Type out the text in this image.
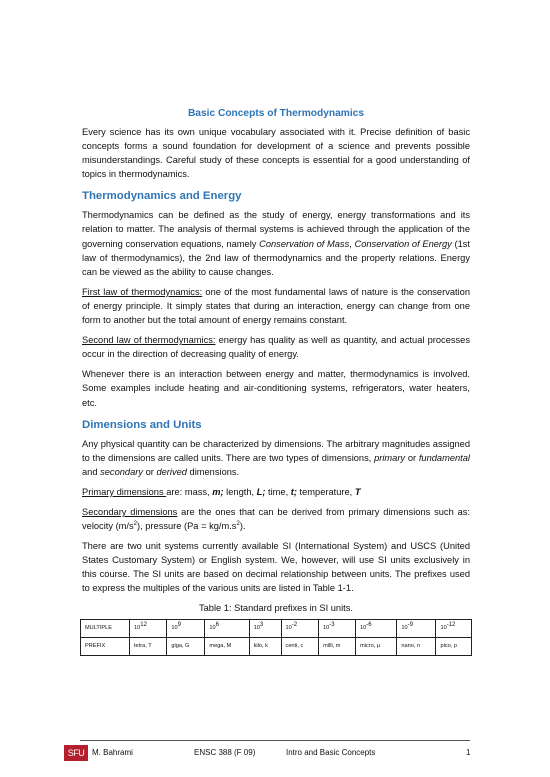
Basic Concepts of Thermodynamics

Every science has its own unique vocabulary associated with it. Precise definition of basic concepts forms a sound foundation for development of a science and prevents possible misunderstandings. Careful study of these concepts is essential for a good understanding of topics in thermodynamics.

Thermodynamics and Energy

Thermodynamics can be defined as the study of energy, energy transformations and its relation to matter. The analysis of thermal systems is achieved through the application of the governing conservation equations, namely Conservation of Mass, Conservation of Energy (1st law of thermodynamics), the 2nd law of thermodynamics and the property relations. Energy can be viewed as the ability to cause changes.

First law of thermodynamics: one of the most fundamental laws of nature is the conservation of energy principle. It simply states that during an interaction, energy can change from one form to another but the total amount of energy remains constant.

Second law of thermodynamics: energy has quality as well as quantity, and actual processes occur in the direction of decreasing quality of energy.

Whenever there is an interaction between energy and matter, thermodynamics is involved. Some examples include heating and air-conditioning systems, refrigerators, water heaters, etc.

Dimensions and Units

Any physical quantity can be characterized by dimensions. The arbitrary magnitudes assigned to the dimensions are called units. There are two types of dimensions, primary or fundamental and secondary or derived dimensions.

Primary dimensions are: mass, m; length, L; time, t; temperature, T

Secondary dimensions are the ones that can be derived from primary dimensions such as: velocity $(m/s^2)$, pressure $(Pa = kg/m.s^2)$.

There are two unit systems currently available SI (International System) and USCS (United States Customary System) or English system. We, however, will use SI units exclusively in this course. The SI units are based on decimal relationship between units. The prefixes used to express the multiples of the various units are listed in Table 1-1.

Table 1: Standard prefixes in SI units.

MULTIPLE	$10^{12}$	$10^9$	$10^6$	$10^3$	$10^{-2}$	$10^{-3}$	$10^{-6}$	$10^{-9}$	$10^{-12}$
PREFIX	tetra, T	giga, G	mega, M	kilo, k	centi, c	milli, m	micro, µ	nano, n	pico, p
SFU M. Bahrami	ENSC 388 (F 09)	Intro and Basic Concepts	1
